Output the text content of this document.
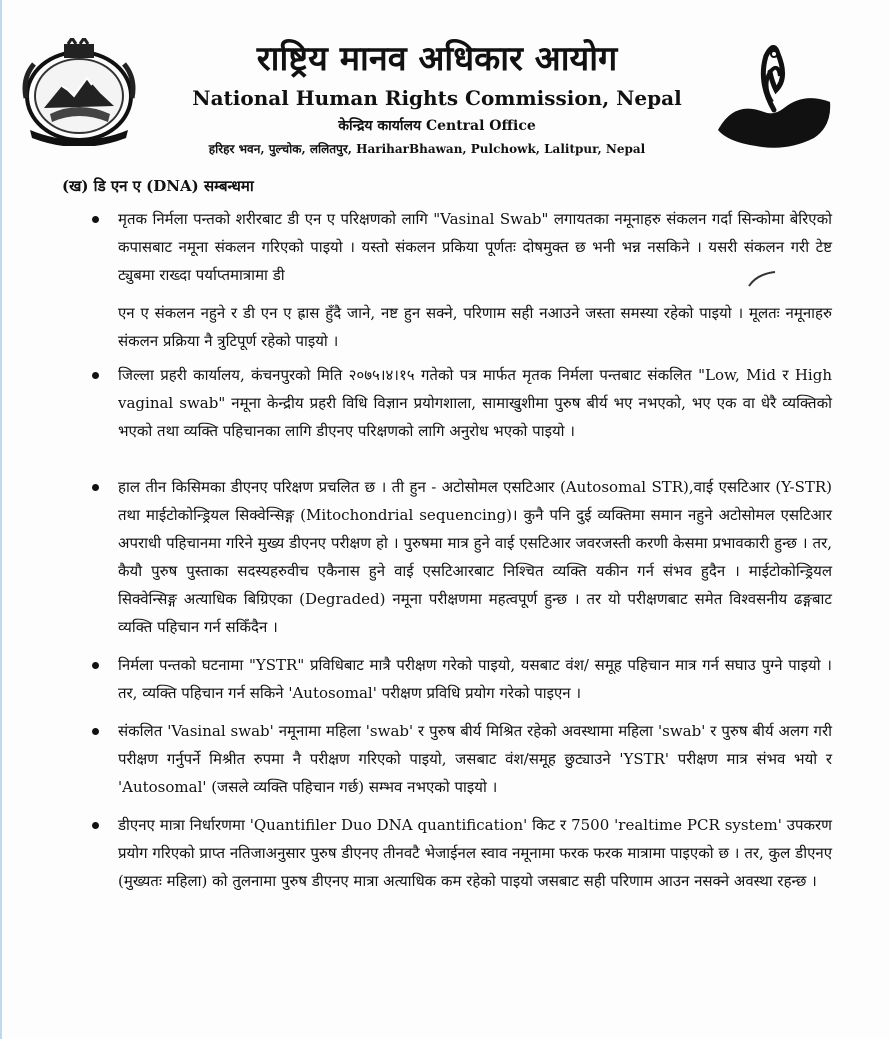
राष्ट्रिय मानव अधिकार आयोग
National Human Rights Commission, Nepal
केन्द्रिय कार्यालय Central Office
हरिहर भवन, पुल्चोक, ललितपुर, HariharBhawan, Pulchowk, Lalitpur, Nepal
(ख) डि एन ए (DNA) सम्बन्धमा

मृतक निर्मला पन्तको शरीरबाट डी एन ए परिक्षणको लागि "Vasinal Swab" लगायतका नमूनाहरु संकलन गर्दा सिन्कोमा बेरिएको कपासबाट नमूना संकलन गरिएको पाइयो । यस्तो संकलन प्रकिया पूर्णतः दोषमुक्त छ भनी भन्न नसकिने । यसरी संकलन गरी टेष्ट ट्युबमा राख्दा पर्याप्तमात्रामा डी

एन ए संकलन नहुने र डी एन ए ह्रास हुँदै जाने, नष्ट हुन सक्ने, परिणाम सही नआउने जस्ता समस्या रहेको पाइयो । मूलतः नमूनाहरु संकलन प्रक्रिया नै त्रुटिपूर्ण रहेको पाइयो ।

जिल्ला प्रहरी कार्यालय, कंचनपुरको मिति २०७५।४।१५ गतेको पत्र मार्फत मृतक निर्मला पन्तबाट संकलित "Low, Mid र High vaginal swab" नमूना केन्द्रीय प्रहरी विधि विज्ञान प्रयोगशाला, सामाखुशीमा पुरुष बीर्य भए नभएको, भए एक वा धेरै व्यक्तिको भएको तथा व्यक्ति पहिचानका लागि डीएनए परिक्षणको लागि अनुरोध भएको पाइयो ।

हाल तीन किसिमका डीएनए परिक्षण प्रचलित छ । ती हुन - अटोसोमल एसटिआर (Autosomal STR),वाई एसटिआर (Y-STR) तथा माईटोकोन्ड्रियल सिक्वेन्सिङ्ग (Mitochondrial sequencing)। कुनै पनि दुई व्यक्तिमा समान नहुने अटोसोमल एसटिआर अपराधी पहिचानमा गरिने मुख्य डीएनए परीक्षण हो । पुरुषमा मात्र हुने वाई एसटिआर जवरजस्ती करणी केसमा प्रभावकारी हुन्छ । तर, कैयौ पुरुष पुस्ताका सदस्यहरुवीच एकैनास हुने वाई एसटिआरबाट निश्चित व्यक्ति यकीन गर्न संभव हुदैन । माईटोकोन्ड्रियल सिक्वेन्सिङ्ग अत्याधिक बिग्रिएका (Degraded) नमूना परीक्षणमा महत्वपूर्ण हुन्छ । तर यो परीक्षणबाट समेत विश्वसनीय ढङ्गबाट व्यक्ति पहिचान गर्न सकिँदैन ।

निर्मला पन्तको घटनामा "YSTR" प्रविधिबाट मात्रै परीक्षण गरेको पाइयो, यसबाट वंश/ समूह पहिचान मात्र गर्न सघाउ पुग्ने पाइयो । तर, व्यक्ति पहिचान गर्न सकिने 'Autosomal' परीक्षण प्रविधि प्रयोग गरेको पाइएन ।

संकलित 'Vasinal swab' नमूनामा महिला 'swab' र पुरुष बीर्य मिश्रित रहेको अवस्थामा महिला 'swab' र पुरुष बीर्य अलग गरी परीक्षण गर्नुपर्ने मिश्रीत रुपमा नै परीक्षण गरिएको पाइयो, जसबाट वंश/समूह छुट्याउने 'YSTR' परीक्षण मात्र संभव भयो र 'Autosomal' (जसले व्यक्ति पहिचान गर्छ) सम्भव नभएको पाइयो ।

डीएनए मात्रा निर्धारणमा 'Quantifiler Duo DNA quantification' किट र 7500 'realtime PCR system' उपकरण प्रयोग गरिएको प्राप्त नतिजाअनुसार पुरुष डीएनए तीनवटै भेजाईनल स्वाव नमूनामा फरक फरक मात्रामा पाइएको छ । तर, कुल डीएनए (मुख्यतः महिला) को तुलनामा पुरुष डीएनए मात्रा अत्याधिक कम रहेको पाइयो जसबाट सही परिणाम आउन नसक्ने अवस्था रहन्छ ।
